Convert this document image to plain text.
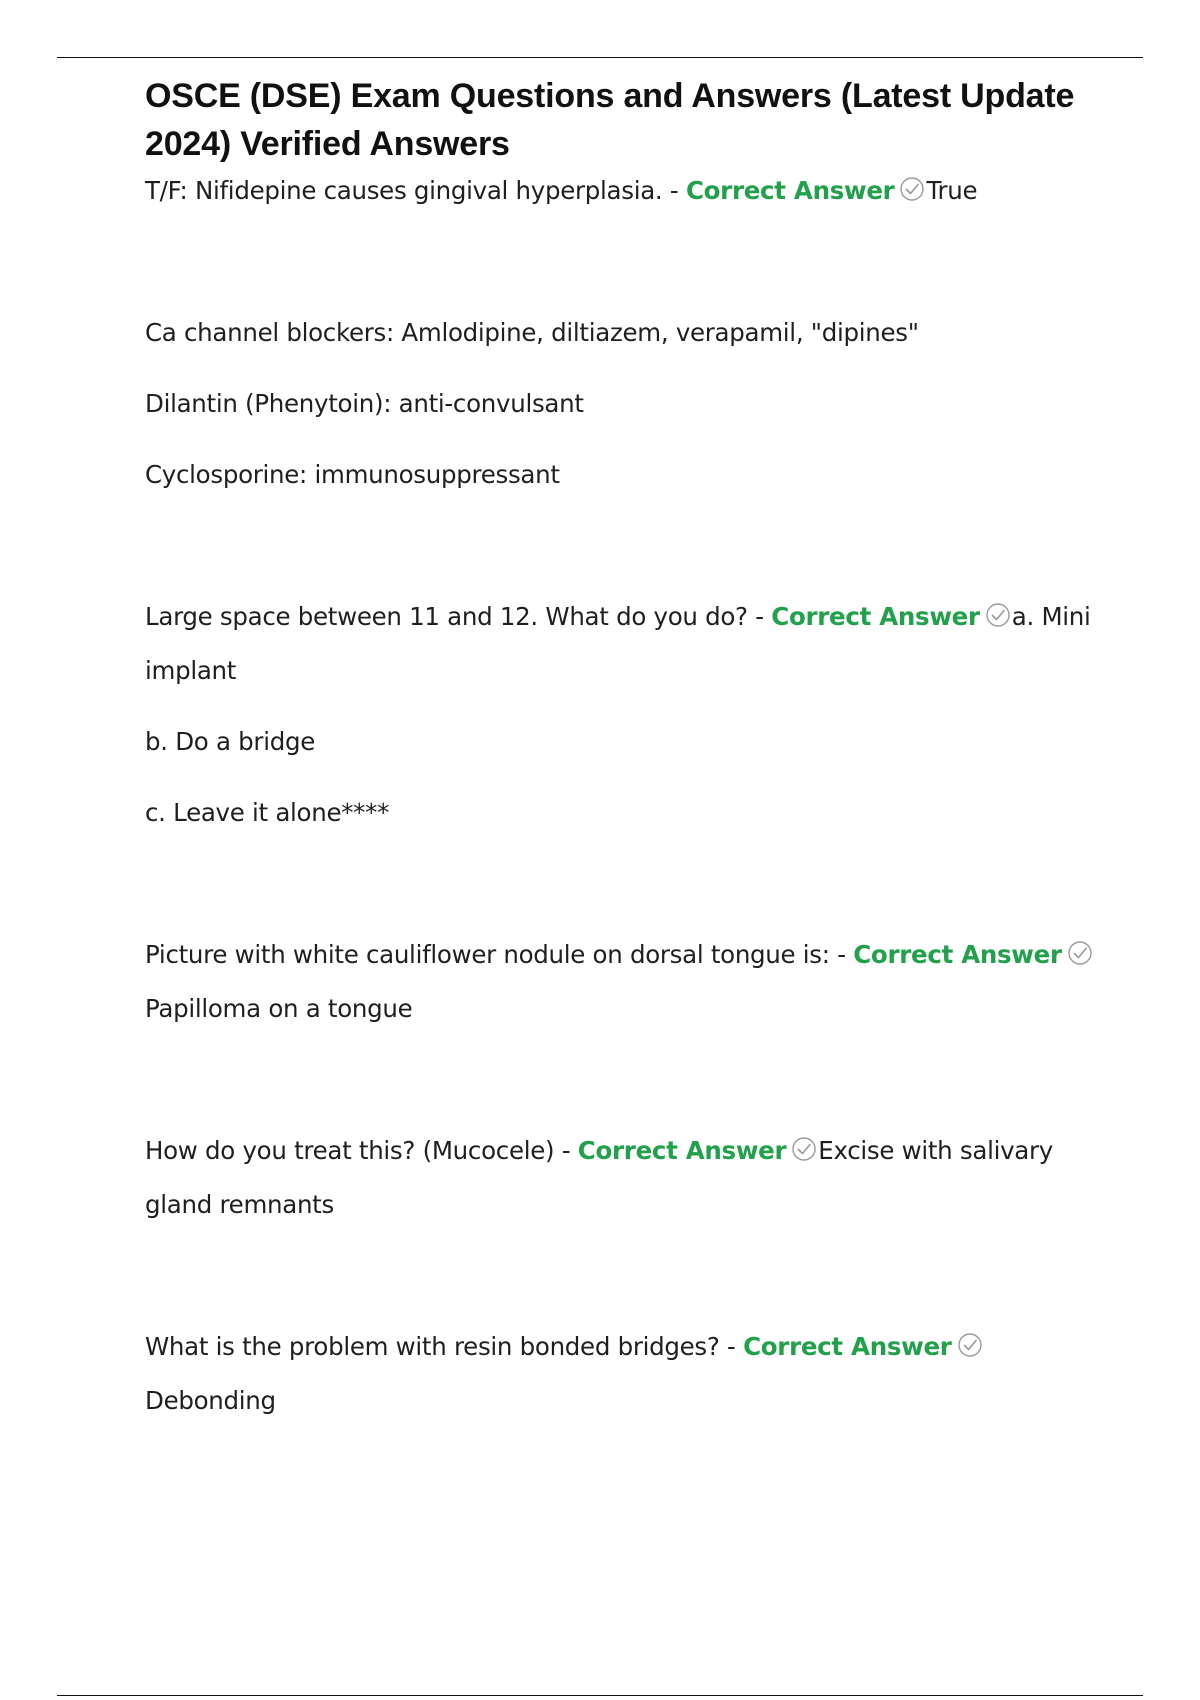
OSCE (DSE) Exam Questions and Answers (Latest Update 2024) Verified Answers

T/F: Nifidepine causes gingival hyperplasia. - Correct Answer True

Ca channel blockers: Amlodipine, diltiazem, verapamil, "dipines"

Dilantin (Phenytoin): anti-convulsant

Cyclosporine: immunosuppressant

Large space between 11 and 12. What do you do? - Correct Answer a. Mini implant

b. Do a bridge

c. Leave it alone****

Picture with white cauliflower nodule on dorsal tongue is: - Correct AnswerPapilloma on a tongue

How do you treat this? (Mucocele) - Correct Answer Excise with salivary gland remnants

What is the problem with resin bonded bridges? - Correct AnswerDebonding
